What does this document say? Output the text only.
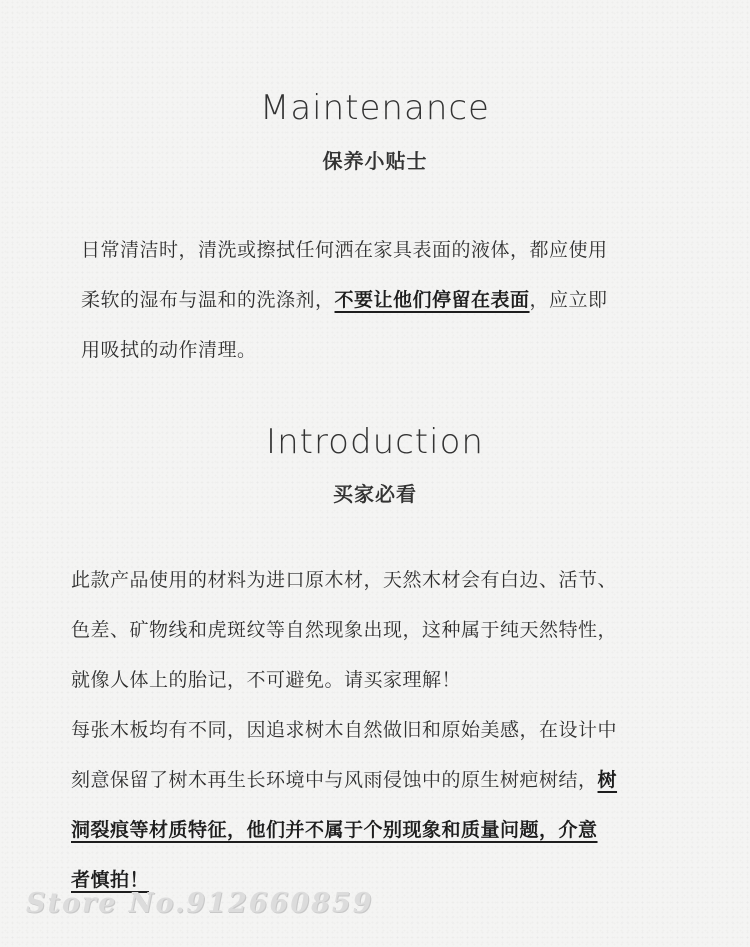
Maintenance
保养小贴士
日常清洁时，清洗或擦拭任何洒在家具表面的液体，都应使用
柔软的湿布与温和的洗涤剂，不要让他们停留在表面，应立即
用吸拭的动作清理。
Introduction
买家必看
此款产品使用的材料为进口原木材，天然木材会有白边、活节、
色差、矿物线和虎斑纹等自然现象出现，这种属于纯天然特性，
就像人体上的胎记，不可避免。请买家理解！
每张木板均有不同，因追求树木自然做旧和原始美感，在设计中
刻意保留了树木再生长环境中与风雨侵蚀中的原生树疤树结，树
洞裂痕等材质特征，他们并不属于个别现象和质量问题，介意
者慎拍！

Store No.912660859
